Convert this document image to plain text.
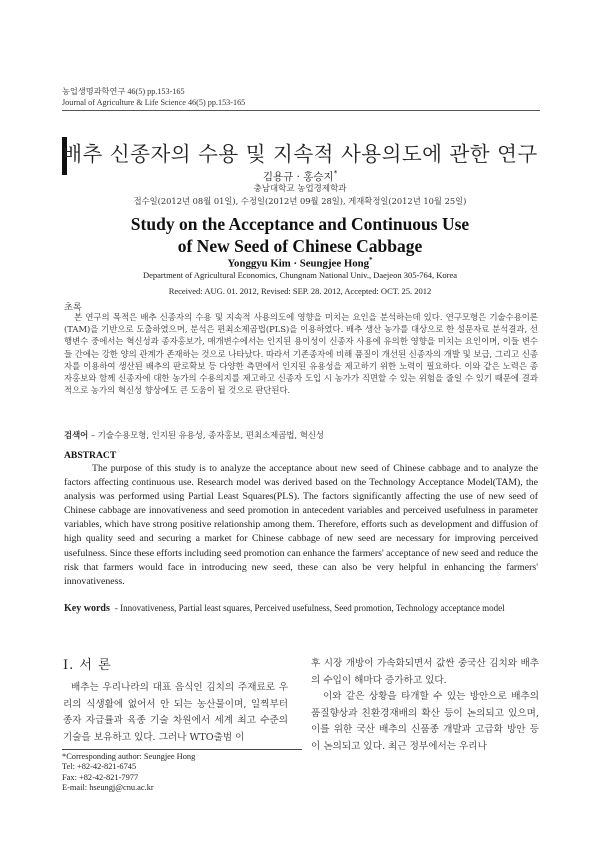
농업생명과학연구 46(5) pp.153-165
Journal of Agriculture & Life Science 46(5) pp.153-165
배추 신종자의 수용 및 지속적 사용의도에 관한 연구
김용규 · 홍승지*
충남대학교 농업경제학과
접수일(2012년 08월 01일), 수정일(2012년 09월 28일), 게재확정일(2012년 10월 25일)
Study on the Acceptance and Continuous Use
of New Seed of Chinese Cabbage
Yonggyu Kim · Seungjee Hong*
Department of Agricultural Economics, Chungnam National Univ., Daejeon 305-764, Korea
Received: AUG. 01. 2012, Revised: SEP. 28. 2012, Accepted: OCT. 25. 2012
초록

본 연구의 목적은 배추 신종자의 수용 및 지속적 사용의도에 영향을 미치는 요인을 분석하는데 있다. 연구모형은 기술수용이론(TAM)을 기반으로 도출하였으며, 분석은 편최소제곱법(PLS)을 이용하였다. 배추 생산 농가를 대상으로 한 설문자료 분석결과, 선행변수 중에서는 혁신성과 종자홍보가, 매개변수에서는 인지된 용이성이 신종자 사용에 유의한 영향을 미치는 요인이며, 이들 변수들 간에는 강한 양의 관계가 존재하는 것으로 나타났다. 따라서 기존종자에 비해 품질이 개선된 신종자의 개발 및 보급, 그리고 신종자를 이용하여 생산된 배추의 판로확보 등 다양한 측면에서 인지된 유용성을 제고하기 위한 노력이 필요하다. 이와 같은 노력은 종자홍보와 함께 신종자에 대한 농가의 수용의지를 제고하고 신종자 도입 시 농가가 직면할 수 있는 위험을 줄일 수 있기 때문에 결과적으로 농가의 혁신성 향상에도 큰 도움이 될 것으로 판단된다.

검색어 – 기술수용모형, 인지된 유용성, 종자홍보, 편최소제곱법, 혁신성
ABSTRACT

The purpose of this study is to analyze the acceptance about new seed of Chinese cabbage and to analyze the factors affecting continuous use. Research model was derived based on the Technology Acceptance Model(TAM), the analysis was performed using Partial Least Squares(PLS). The factors significantly affecting the use of new seed of Chinese cabbage are innovativeness and seed promotion in antecedent variables and perceived usefulness in parameter variables, which have strong positive relationship among them. Therefore, efforts such as development and diffusion of high quality seed and securing a market for Chinese cabbage of new seed are necessary for improving perceived usefulness. Since these efforts including seed promotion can enhance the farmers' acceptance of new seed and reduce the risk that farmers would face in introducing new seed, these can also be very helpful in enhancing the farmers' innovativeness.

Key words - Innovativeness, Partial least squares, Perceived usefulness, Seed promotion, Technology acceptance model
Ⅰ. 서 론

배추는 우리나라의 대표 음식인 김치의 주재료로 우리의 식생활에 없어서 안 되는 농산물이며, 일찍부터 종자 자급률과 육종 기술 차원에서 세계 최고 수준의 기술을 보유하고 있다. 그러나 WTO출범 이

후 시장 개방이 가속화되면서 값싼 중국산 김치와 배추의 수입이 해마다 증가하고 있다.

이와 같은 상황을 타개할 수 있는 방안으로 배추의 품질향상과 친환경재배의 확산 등이 논의되고 있으며, 이를 위한 국산 배추의 신품종 개발과 고급화 방안 등이 논의되고 있다. 최근 정부에서는 우리나

*Corresponding author: Seungjee Hong
Tel: +82-42-821-6745
Fax: +82-42-821-7977
E-mail: hseungj@cnu.ac.kr
